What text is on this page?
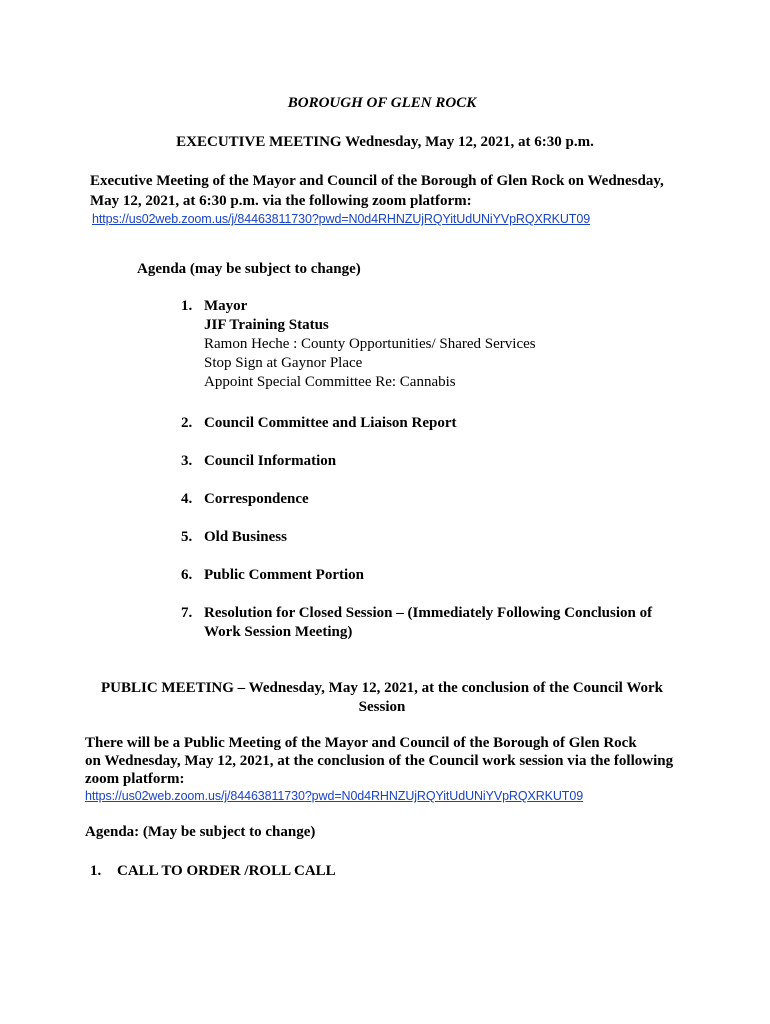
BOROUGH OF GLEN ROCK
EXECUTIVE MEETING Wednesday, May 12, 2021, at 6:30 p.m.
Executive Meeting of the Mayor and Council of the Borough of Glen Rock on Wednesday,
May 12, 2021, at 6:30 p.m. via the following zoom platform:
https://us02web.zoom.us/j/84463811730?pwd=N0d4RHNZUjRQYitUdUNiYVpRQXRKUT09
Agenda (may be subject to change)
1. Mayor
JIF Training Status
Ramon Heche : County Opportunities/ Shared Services
Stop Sign at Gaynor Place
Appoint Special Committee Re: Cannabis
2. Council Committee and Liaison Report
3. Council Information
4. Correspondence
5. Old Business
6. Public Comment Portion
7. Resolution for Closed Session – (Immediately Following Conclusion of
Work Session Meeting)
PUBLIC MEETING – Wednesday, May 12, 2021, at the conclusion of the Council Work
Session
There will be a Public Meeting of the Mayor and Council of the Borough of Glen Rock
on Wednesday, May 12, 2021, at the conclusion of the Council work session via the following
zoom platform:
https://us02web.zoom.us/j/84463811730?pwd=N0d4RHNZUjRQYitUdUNiYVpRQXRKUT09
Agenda: (May be subject to change)
1. CALL TO ORDER /ROLL CALL
